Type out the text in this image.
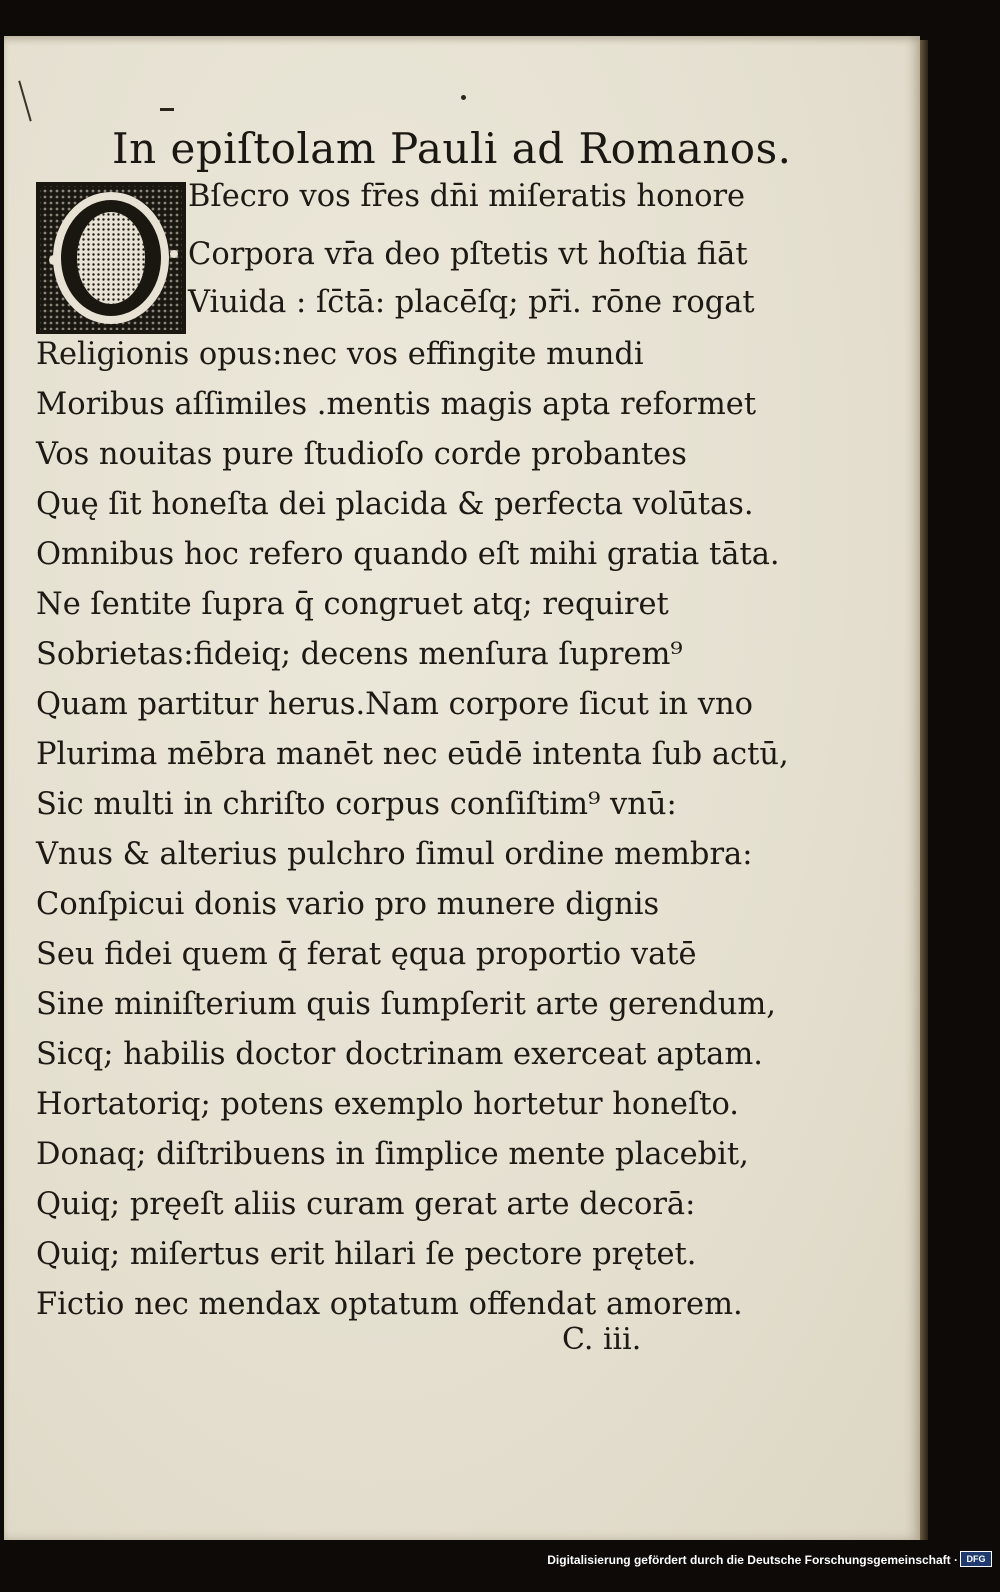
In epiſtolam Pauli ad Romanos.
Bſecro vos fr̄es dn̄i miſeratis honore
Corpora vr̄a deo pſtetis vt hoſtia fiāt
Viuida : ſc̄tā: placēſq; pr̄i. rōne rogat
Religionis opus:nec vos effingite mundi
Moribus aſſimiles .mentis magis apta reformet
Vos nouitas pure ſtudioſo corde probantes
Quę ſit honeſta dei placida & perfecta volūtas.
Omnibus hoc refero quando eſt mihi gratia tāta.
Ne ſentite ſupra q̄ congruet atq; requiret
Sobrietas:fideiq; decens menſura ſuprem⁹
Quam partitur herus.Nam corpore ſicut in vno
Plurima mēbra manēt nec eūdē intenta ſub actū,
Sic multi in chriſto corpus conſiſtim⁹ vnū:
Vnus & alterius pulchro ſimul ordine membra:
Conſpicui donis vario pro munere dignis
Seu fidei quem q̄ ferat ęqua proportio vatē
Sine miniſterium quis ſumpſerit arte gerendum,
Sicq; habilis doctor doctrinam exerceat aptam.
Hortatoriq; potens exemplo hortetur honeſto.
Donaq; diſtribuens in ſimplice mente placebit,
Quiq; pręeſt aliis curam gerat arte decorā:
Quiq; miſertus erit hilari ſe pectore prętet.
Fictio nec mendax optatum offendat amorem.
C. iii.
Digitalisierung gefördert durch die Deutsche Forschungsgemeinschaft · DFG
